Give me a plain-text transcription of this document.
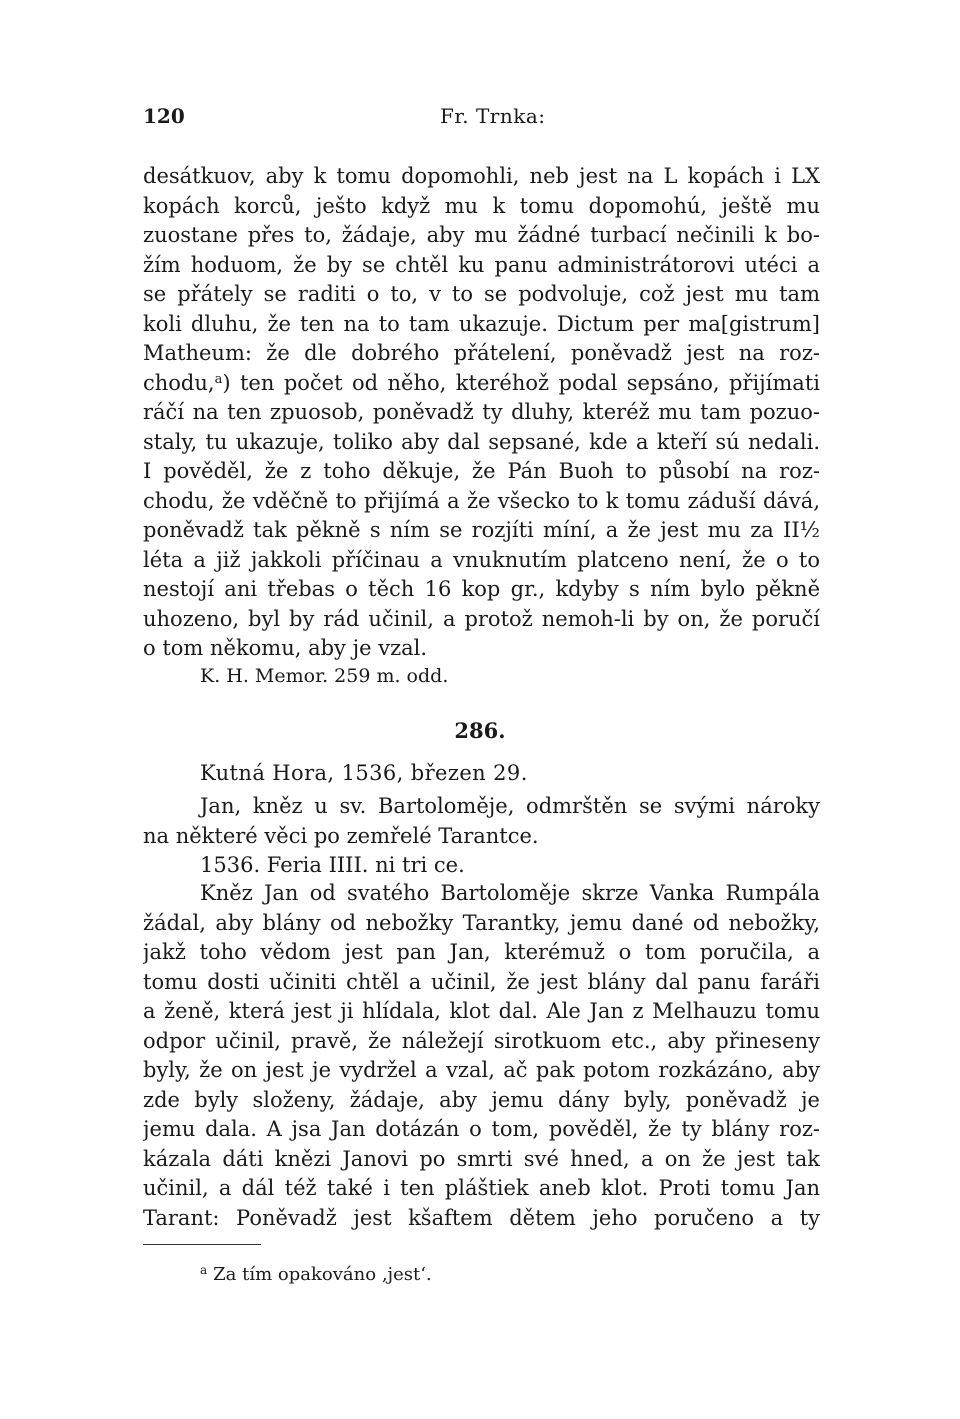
120	Fr. Trnka:
desátkuov, aby k tomu dopomohli, neb jest na L kopách i LX
kopách korců, ješto když mu k tomu dopomohú, ještě mu
zuostane přes to, žádaje, aby mu žádné turbací nečinili k bo-
žím hoduom, že by se chtěl ku panu administrátorovi utéci a
se přátely se raditi o to, v to se podvoluje, což jest mu tam
koli dluhu, že ten na to tam ukazuje. Dictum per ma[gistrum]
Matheum: že dle dobrého přátelení, poněvadž jest na roz-
chodu,$^a$) ten počet od něho, kteréhož podal sepsáno, přijímati
ráčí na ten zpuosob, poněvadž ty dluhy, kteréž mu tam pozuo-
staly, tu ukazuje, toliko aby dal sepsané, kde a kteří sú nedali.
I pověděl, že z toho děkuje, že Pán Buoh to působí na roz-
chodu, že vděčně to přijímá a že všecko to k tomu záduší dává,
poněvadž tak pěkně s ním se rozjíti míní, a že jest mu za II½
léta a již jakkoli příčinau a vnuknutím platceno není, že o to
nestojí ani třebas o těch 16 kop gr., kdyby s ním bylo pěkně
uhozeno, byl by rád učinil, a protož nemoh-li by on, že poručí
o tom někomu, aby je vzal.
K. H. Memor. 259 m. odd.
286.
Kutná Hora, 1536, březen 29.
Jan, kněz u sv. Bartoloměje, odmrštěn se svými nároky
na některé věci po zemřelé Tarantce.
1536. Feria IIII. ni tri ce.
Kněz Jan od svatého Bartoloměje skrze Vanka Rumpála
žádal, aby blány od nebožky Tarantky, jemu dané od nebožky,
jakž toho vědom jest pan Jan, kterémuž o tom poručila, a
tomu dosti učiniti chtěl a učinil, že jest blány dal panu faráři
a ženě, která jest ji hlídala, klot dal. Ale Jan z Melhauzu tomu
odpor učinil, pravě, že náležejí sirotkuom etc., aby přineseny
byly, že on jest je vydržel a vzal, ač pak potom rozkázáno, aby
zde byly složeny, žádaje, aby jemu dány byly, poněvadž je
jemu dala. A jsa Jan dotázán o tom, pověděl, že ty blány roz-
kázala dáti knězi Janovi po smrti své hned, a on že jest tak
učinil, a dál též také i ten pláštiek aneb klot. Proti tomu Jan
Tarant: Poněvadž jest kšaftem dětem jeho poručeno a ty
$^a$ Za tím opakováno ‚jest‘.
